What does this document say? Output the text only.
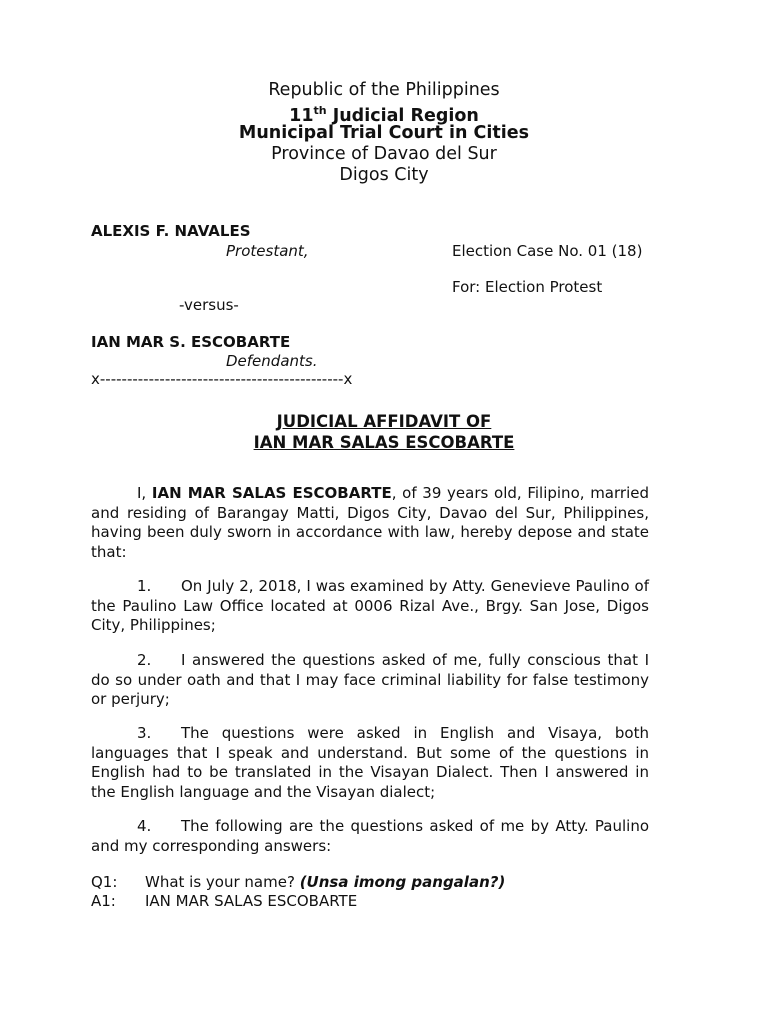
Republic of the Philippines
11th Judicial Region
Municipal Trial Court in Cities
Province of Davao del Sur
Digos City
ALEXIS F. NAVALES
Protestant,	Election Case No. 01 (18)
For: Election Protest
-versus-
IAN MAR S. ESCOBARTE
Defendants.
x---------------------------------------------x
JUDICIAL AFFIDAVIT OF
IAN MAR SALAS ESCOBARTE
I, IAN MAR SALAS ESCOBARTE, of 39 years old, Filipino, married and residing of Barangay Matti, Digos City, Davao del Sur, Philippines, having been duly sworn in accordance with law, hereby depose and state that:
1. On July 2, 2018, I was examined by Atty. Genevieve Paulino of the Paulino Law Office located at 0006 Rizal Ave., Brgy. San Jose, Digos City, Philippines;
2. I answered the questions asked of me, fully conscious that I do so under oath and that I may face criminal liability for false testimony or perjury;
3. The questions were asked in English and Visaya, both languages that I speak and understand. But some of the questions in English had to be translated in the Visayan Dialect. Then I answered in the English language and the Visayan dialect;
4. The following are the questions asked of me by Atty. Paulino and my corresponding answers:
Q1: What is your name? (Unsa imong pangalan?)
A1: IAN MAR SALAS ESCOBARTE
